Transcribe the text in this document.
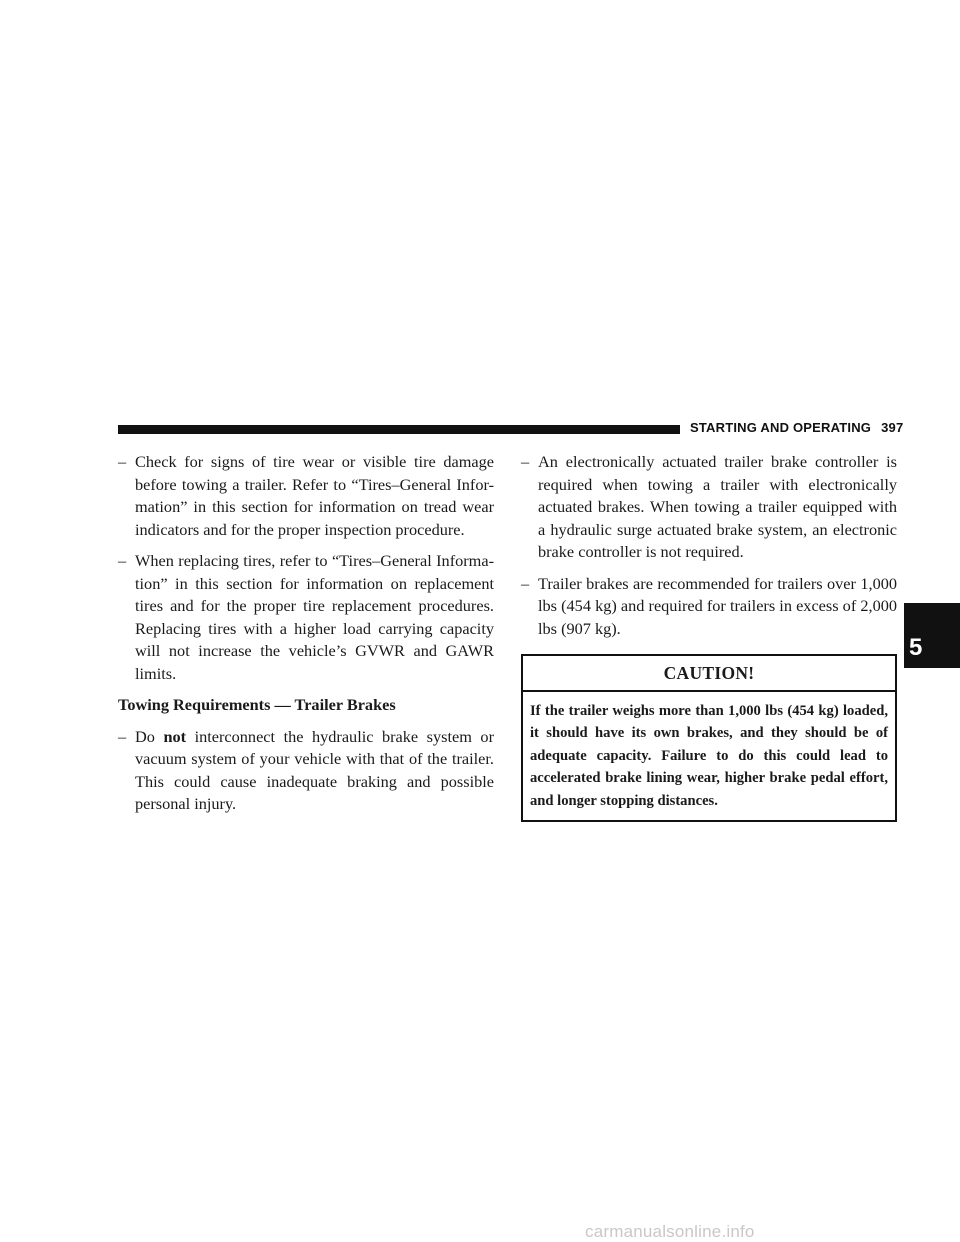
STARTING AND OPERATING 397
– Check for signs of tire wear or visible tire damage before towing a trailer. Refer to “Tires–General Infor-mation” in this section for information on tread wear indicators and for the proper inspection procedure.

– When replacing tires, refer to “Tires–General Informa-tion” in this section for information on replacement tires and for the proper tire replacement procedures. Replacing tires with a higher load carrying capacity will not increase the vehicle’s GVWR and GAWR limits.

Towing Requirements — Trailer Brakes
– Do not interconnect the hydraulic brake system or vacuum system of your vehicle with that of the trailer. This could cause inadequate braking and possible personal injury.

– An electronically actuated trailer brake controller is required when towing a trailer with electronically actuated brakes. When towing a trailer equipped with a hydraulic surge actuated brake system, an electronic brake controller is not required.

– Trailer brakes are recommended for trailers over 1,000 lbs (454 kg) and required for trailers in excess of 2,000 lbs (907 kg).

CAUTION!
If the trailer weighs more than 1,000 lbs (454 kg) loaded, it should have its own brakes, and they should be of adequate capacity. Failure to do this could lead to accelerated brake lining wear, higher brake pedal effort, and longer stopping distances.
5
carmanualsonline.info
